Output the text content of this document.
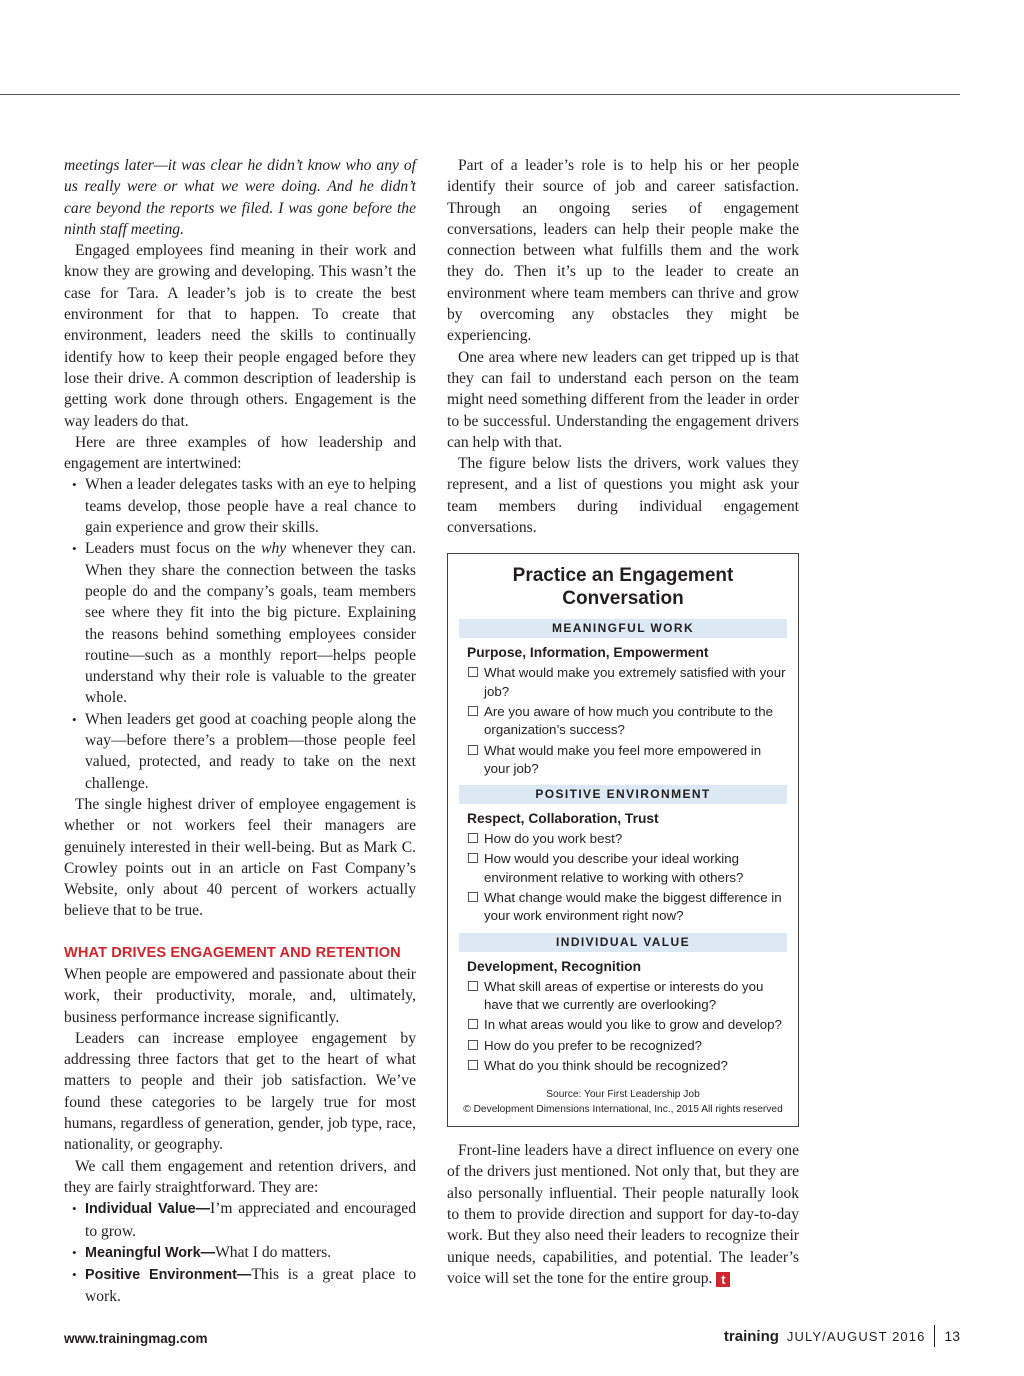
meetings later—it was clear he didn’t know who any of us really were or what we were doing. And he didn’t care beyond the reports we filed. I was gone before the ninth staff meeting.

Engaged employees find meaning in their work and know they are growing and developing. This wasn’t the case for Tara. A leader’s job is to create the best environment for that to happen. To create that environment, leaders need the skills to continually identify how to keep their people engaged before they lose their drive. A common description of leadership is getting work done through others. Engagement is the way leaders do that.

Here are three examples of how leadership and engagement are intertwined:

• When a leader delegates tasks with an eye to helping teams develop, those people have a real chance to gain experience and grow their skills.
• Leaders must focus on the why whenever they can. When they share the connection between the tasks people do and the company’s goals, team members see where they fit into the big picture. Explaining the reasons behind something employees consider routine—such as a monthly report—helps people understand why their role is valuable to the greater whole.
• When leaders get good at coaching people along the way—before there’s a problem—those people feel valued, protected, and ready to take on the next challenge.

The single highest driver of employee engagement is whether or not workers feel their managers are genuinely interested in their well-being. But as Mark C. Crowley points out in an article on Fast Company’s Website, only about 40 percent of workers actually believe that to be true.

WHAT DRIVES ENGAGEMENT AND RETENTION

When people are empowered and passionate about their work, their productivity, morale, and, ultimately, business performance increase significantly.

Leaders can increase employee engagement by addressing three factors that get to the heart of what matters to people and their job satisfaction. We’ve found these categories to be largely true for most humans, regardless of generation, gender, job type, race, nationality, or geography.

We call them engagement and retention drivers, and they are fairly straightforward. They are:

• Individual Value—I’m appreciated and encouraged to grow.
• Meaningful Work—What I do matters.
• Positive Environment—This is a great place to work.

Part of a leader’s role is to help his or her people identify their source of job and career satisfaction. Through an ongoing series of engagement conversations, leaders can help their people make the connection between what fulfills them and the work they do. Then it’s up to the leader to create an environment where team members can thrive and grow by overcoming any obstacles they might be experiencing.

One area where new leaders can get tripped up is that they can fail to understand each person on the team might need something different from the leader in order to be successful. Understanding the engagement drivers can help with that.

The figure below lists the drivers, work values they represent, and a list of questions you might ask your team members during individual engagement conversations.

Practice an Engagement
Conversation
MEANINGFUL WORK
Purpose, Information, Empowerment
What would make you extremely satisfied with your job?
Are you aware of how much you contribute to the organization’s success?
What would make you feel more empowered in your job?
POSITIVE ENVIRONMENT
Respect, Collaboration, Trust
How do you work best?
How would you describe your ideal working environment relative to working with others?
What change would make the biggest difference in your work environment right now?
INDIVIDUAL VALUE
Development, Recognition
What skill areas of expertise or interests do you have that we currently are overlooking?
In what areas would you like to grow and develop?
How do you prefer to be recognized?
What do you think should be recognized?
Source: Your First Leadership Job
© Development Dimensions International, Inc., 2015 All rights reserved

Front-line leaders have a direct influence on every one of the drivers just mentioned. Not only that, but they are also personally influential. Their people naturally look to them to provide direction and support for day-to-day work. But they also need their leaders to recognize their unique needs, capabilities, and potential. The leader’s voice will set the tone for the entire group. t

www.trainingmag.com	training JULY/AUGUST 2016 13
